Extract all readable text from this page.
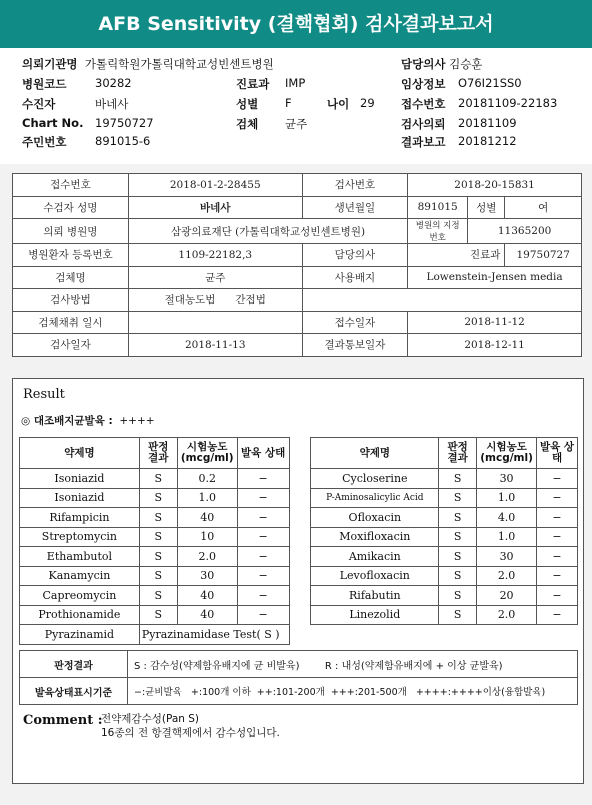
AFB Sensitivity (결핵협회) 검사결과보고서
의뢰기관명 가톨릭학원가톨릭대학교성빈센트병원
병원코드 30282
수진자	바네사
Chart No. 19750727
주민번호 891015-6
진료과 IMP
성별 F	나이 29
검체 균주
담당의사 김승훈
임상정보 O76I21SS0
접수번호 20181109-22183
검사의뢰 20181109
결과보고 20181212
접수번호	2018-01-2-28455	검사번호	2018-20-15831		
수검자 성명	바네사	생년월일	891015	성별	여
의뢰 병원명	삼광의료재단 (가톨릭대학교성빈센트병원)		병원의 지정번호	11365200	
병원환자 등록번호	1109-22182,3	담당의사	진료과		19750727
검체명	균주	사용배지	Lowenstein-Jensen media		
검사방법	절대농도법 간접법				
검체채취 일시		접수일자	2018-11-12		
검사일자	2018-11-13	결과통보일자	2018-12-11		
Result
◎ 대조배지균발육 : ++++
약제명	판정 결과	시험농도 (mcg/ml)	발육 상태		약제명	판정 결과	시험농도 (mcg/ml)	발육 상태
Isoniazid	S	0.2	−		Cycloserine	S	30	−
Isoniazid	S	1.0	−		P-Aminosalicylic Acid	S	1.0	−
Rifampicin	S	40	−		Ofloxacin	S	4.0	−
Streptomycin	S	10	−		Moxifloxacin	S	1.0	−
Ethambutol	S	2.0	−		Amikacin	S	30	−
Kanamycin	S	30	−		Levofloxacin	S	2.0	−
Capreomycin	S	40	−		Rifabutin	S	20	−
Prothionamide	S	40	−		Linezolid	S	2.0	−
Pyrazinamid	Pyrazinamidase Test( S )							
판정결과	S : 감수성(약제함유배지에 균 비발육)        R : 내성(약제함유배지에 + 이상 균발육)
발육상태표시기준	−:균비발육   +:100개 이하  ++:101-200개  +++:201-500개   ++++:++++이상(융합발육)
Comment :
전약제감수성(Pan S)
16종의 전 항결핵제에서 감수성입니다.
